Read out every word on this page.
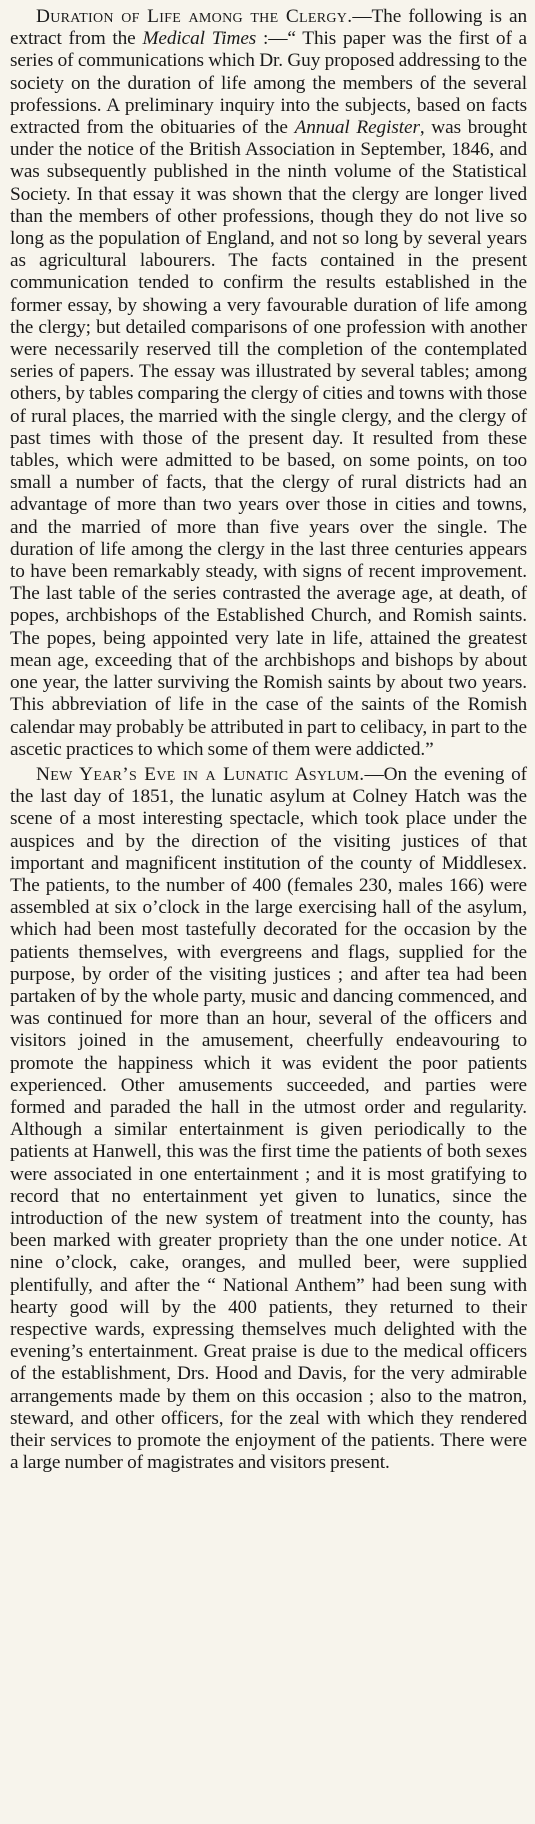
Duration of Life among the Clergy.—The following is an extract from the Medical Times :—“ This paper was the first of a series of communications which Dr. Guy proposed addressing to the society on the duration of life among the members of the several professions. A preliminary inquiry into the subjects, based on facts extracted from the obituaries of the Annual Register, was brought under the notice of the British Association in September, 1846, and was subsequently published in the ninth volume of the Statistical Society. In that essay it was shown that the clergy are longer lived than the members of other professions, though they do not live so long as the population of England, and not so long by several years as agricultural labourers. The facts contained in the present communication tended to confirm the results established in the former essay, by showing a very favourable duration of life among the clergy; but detailed comparisons of one profession with another were necessarily reserved till the completion of the contemplated series of papers. The essay was illustrated by several tables; among others, by tables comparing the clergy of cities and towns with those of rural places, the married with the single clergy, and the clergy of past times with those of the present day. It resulted from these tables, which were admitted to be based, on some points, on too small a number of facts, that the clergy of rural districts had an advantage of more than two years over those in cities and towns, and the married of more than five years over the single. The duration of life among the clergy in the last three centuries appears to have been remarkably steady, with signs of recent improvement. The last table of the series contrasted the average age, at death, of popes, archbishops of the Established Church, and Romish saints. The popes, being appointed very late in life, attained the greatest mean age, exceeding that of the archbishops and bishops by about one year, the latter surviving the Romish saints by about two years. This abbreviation of life in the case of the saints of the Romish calendar may probably be attributed in part to celibacy, in part to the ascetic practices to which some of them were addicted.”

New Year’s Eve in a Lunatic Asylum.—On the evening of the last day of 1851, the lunatic asylum at Colney Hatch was the scene of a most interesting spectacle, which took place under the auspices and by the direction of the visiting justices of that important and magnificent institution of the county of Middlesex. The patients, to the number of 400 (females 230, males 166) were assembled at six o’clock in the large exercising hall of the asylum, which had been most tastefully decorated for the occasion by the patients themselves, with evergreens and flags, supplied for the purpose, by order of the visiting justices ; and after tea had been partaken of by the whole party, music and dancing commenced, and was continued for more than an hour, several of the officers and visitors joined in the amusement, cheerfully endeavouring to promote the happiness which it was evident the poor patients experienced. Other amusements succeeded, and parties were formed and paraded the hall in the utmost order and regularity. Although a similar entertainment is given periodically to the patients at Hanwell, this was the first time the patients of both sexes were associated in one entertainment ; and it is most gratifying to record that no entertainment yet given to lunatics, since the introduction of the new system of treatment into the county, has been marked with greater propriety than the one under notice. At nine o’clock, cake, oranges, and mulled beer, were supplied plentifully, and after the “ National Anthem” had been sung with hearty good will by the 400 patients, they returned to their respective wards, expressing themselves much delighted with the evening’s entertainment. Great praise is due to the medical officers of the establishment, Drs. Hood and Davis, for the very admirable arrangements made by them on this occasion ; also to the matron, steward, and other officers, for the zeal with which they rendered their services to promote the enjoyment of the patients. There were a large number of magistrates and visitors present.
